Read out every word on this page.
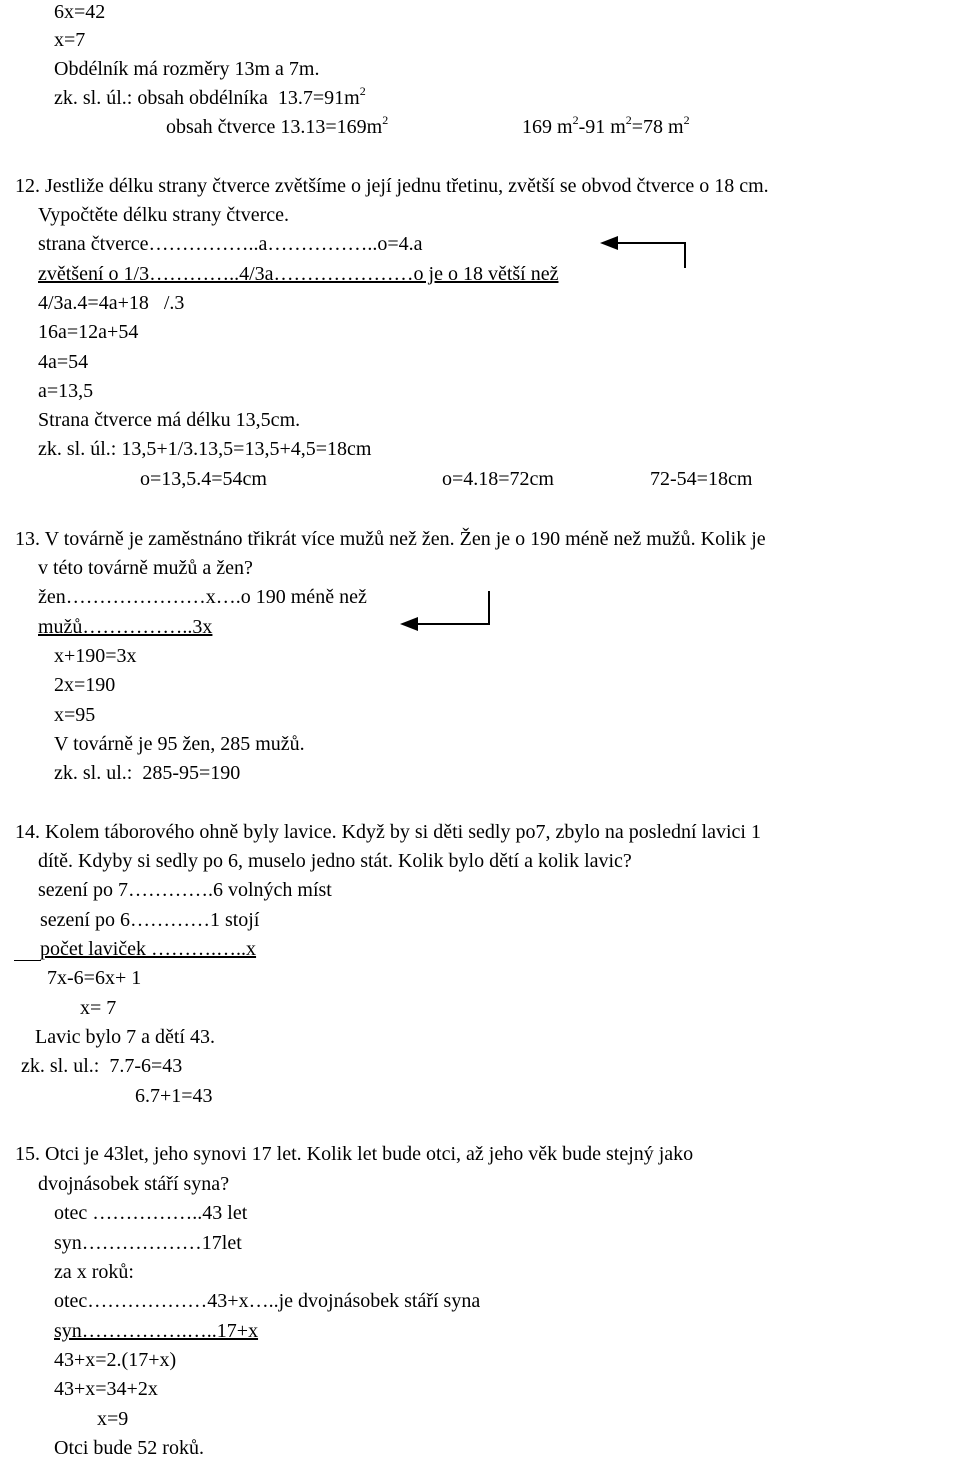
6x=42
x=7
Obdélník má rozměry 13m a 7m.
zk. sl. úl.: obsah obdélníka  $13.7=91m^2$
obsah čtverce $13.13=169m^2$	169 $m^2-91$ $m^2=78$ $m^2$
12. Jestliže délku strany čtverce zvětšíme o její jednu třetinu, zvětší se obvod čtverce o 18 cm.
Vypočtěte délku strany čtverce.
strana čtverce……………..a……………..o=4.a
zvětšení o 1/3…………..4/3a…………………o je o 18 větší než
4/3a.4=4a+18   /.3
16a=12a+54
4a=54
a=13,5
Strana čtverce má délku 13,5cm.
zk. sl. úl.: 13,5+1/3.13,5=13,5+4,5=18cm
o=13,5.4=54cm	o=4.18=72cm	72-54=18cm
13. V továrně je zaměstnáno třikrát více mužů než žen. Žen je o 190 méně než mužů. Kolik je
v této továrně mužů a žen?
žen…………………x….o 190 méně než
mužů……………..3x
x+190=3x
2x=190
x=95
V továrně je 95 žen, 285 mužů.
zk. sl. ul.:  285-95=190
14. Kolem táborového ohně byly lavice. Když by si děti sedly po7, zbylo na poslední lavici 1
dítě. Kdyby si sedly po 6, muselo jedno stát. Kolik bylo dětí a kolik lavic?
sezení po 7………….6 volných míst
sezení po 6…………1 stojí
počet laviček ……….…..x
7x-6=6x+ 1
x= 7
Lavic bylo 7 a dětí 43.
zk. sl. ul.:  7.7-6=43
6.7+1=43
15. Otci je 43let, jeho synovi 17 let. Kolik let bude otci, až jeho věk bude stejný jako
dvojnásobek stáří syna?
otec ……………..43 let
syn………………17let
za x roků:
otec………………43+x…..je dvojnásobek stáří syna
syn…………….…..17+x
43+x=2.(17+x)
43+x=34+2x
x=9
Otci bude 52 roků.
